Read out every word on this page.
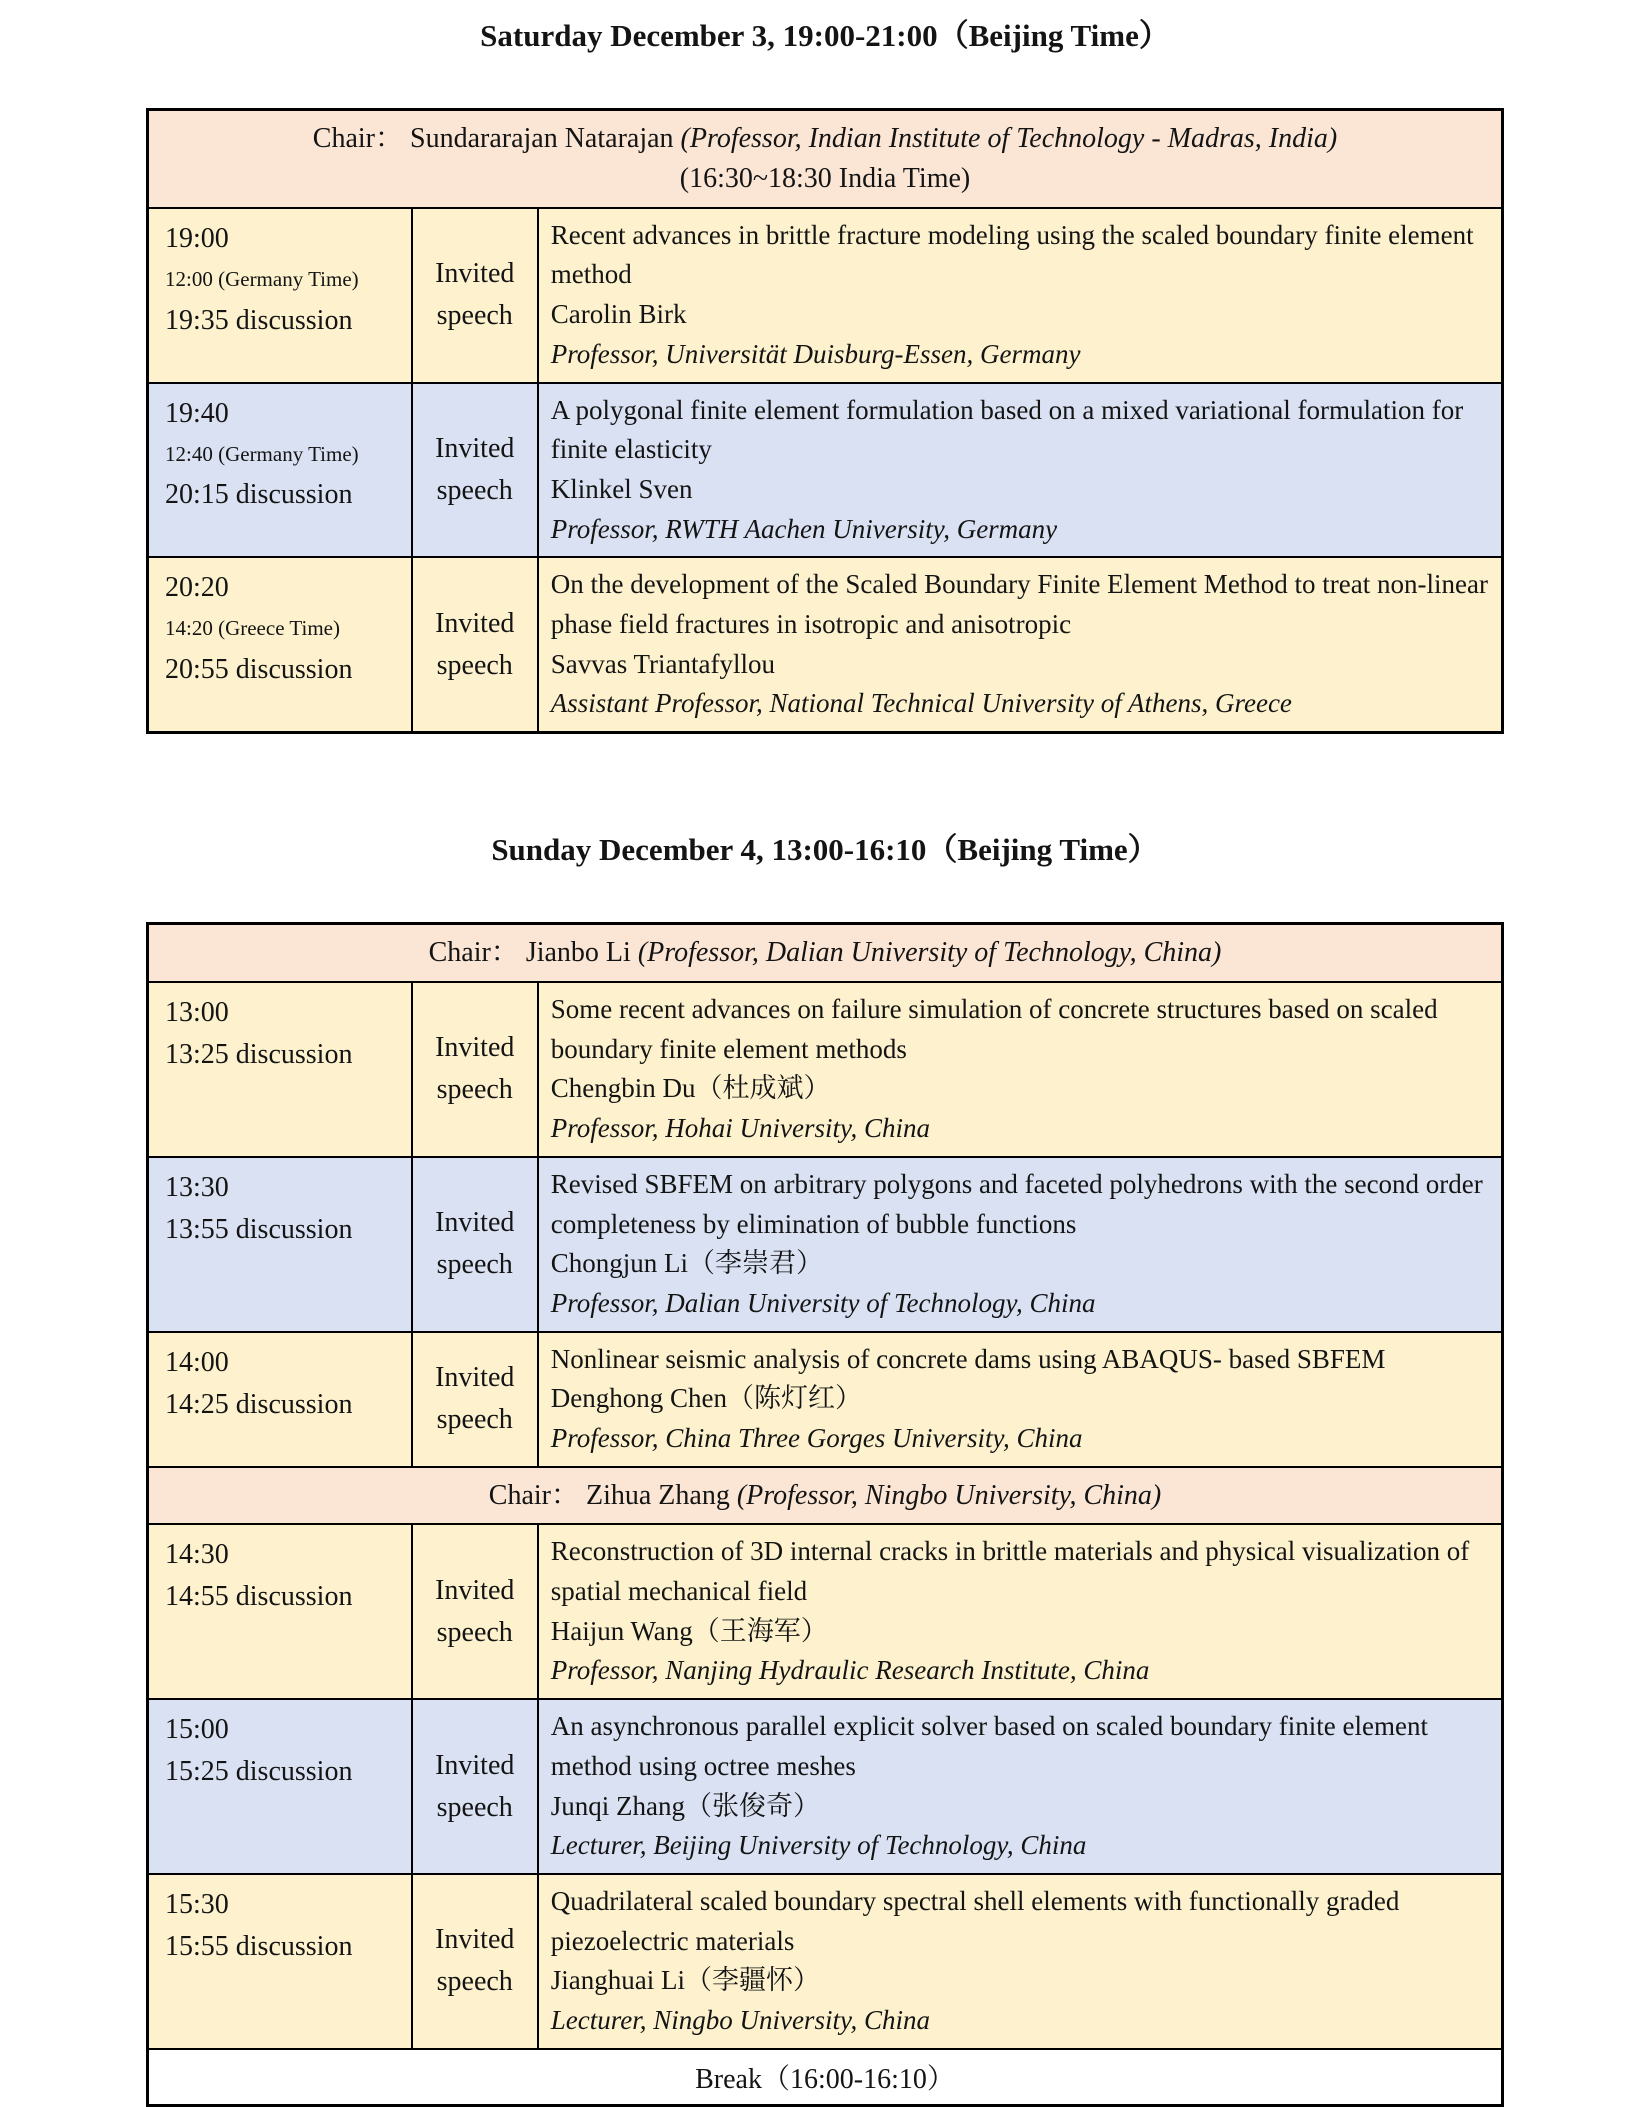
Saturday December 3, 19:00-21:00（Beijing Time）
Chair： Sundararajan Natarajan (Professor, Indian Institute of Technology - Madras, India)
(16:30~18:30 India Time)		

19:00
12:00 (Germany Time)
19:35 discussion
	Invited speech	
Recent advances in brittle fracture modeling using the scaled boundary finite element method
Carolin Birk
Professor, Universität Duisburg-Essen, Germany

19:40
12:40 (Germany Time)
20:15 discussion
	Invited speech	
A polygonal finite element formulation based on a mixed variational formulation for finite elasticity
Klinkel Sven
Professor, RWTH Aachen University, Germany

20:20
14:20 (Greece Time)
20:55 discussion
	Invited speech	
On the development of the Scaled Boundary Finite Element Method to treat non-linear phase field fractures in isotropic and anisotropic
Savvas Triantafyllou
Assistant Professor, National Technical University of Athens, Greece
Sunday December 4, 13:00-16:10（Beijing Time）
Chair： Jianbo Li (Professor, Dalian University of Technology, China)		

13:00
13:25 discussion	Invited speech	
Some recent advances on failure simulation of concrete structures based on scaled boundary finite element methods
Chengbin Du（杜成斌）
Professor, Hohai University, China

13:30
13:55 discussion	Invited speech	
Revised SBFEM on arbitrary polygons and faceted polyhedrons with the second order completeness by elimination of bubble functions
Chongjun Li（李崇君）
Professor, Dalian University of Technology, China

14:00
14:25 discussion
	Invited speech	
Nonlinear seismic analysis of concrete dams using ABAQUS- based SBFEM
Denghong Chen（陈灯红）
Professor, China Three Gorges University, China

Chair： Zihua Zhang (Professor, Ningbo University, China)		

14:30
14:55 discussion	Invited speech	
Reconstruction of 3D internal cracks in brittle materials and physical visualization of spatial mechanical field
Haijun Wang（王海军）
Professor, Nanjing Hydraulic Research Institute, China

15:00
15:25 discussion	Invited speech	
An asynchronous parallel explicit solver based on scaled boundary finite element method using octree meshes
Junqi Zhang（张俊奇）
Lecturer, Beijing University of Technology, China

15:30
15:55 discussion	Invited speech	
Quadrilateral scaled boundary spectral shell elements with functionally graded piezoelectric materials
Jianghuai Li（李疆怀）
Lecturer, Ningbo University, China

Break（16:00-16:10）		
